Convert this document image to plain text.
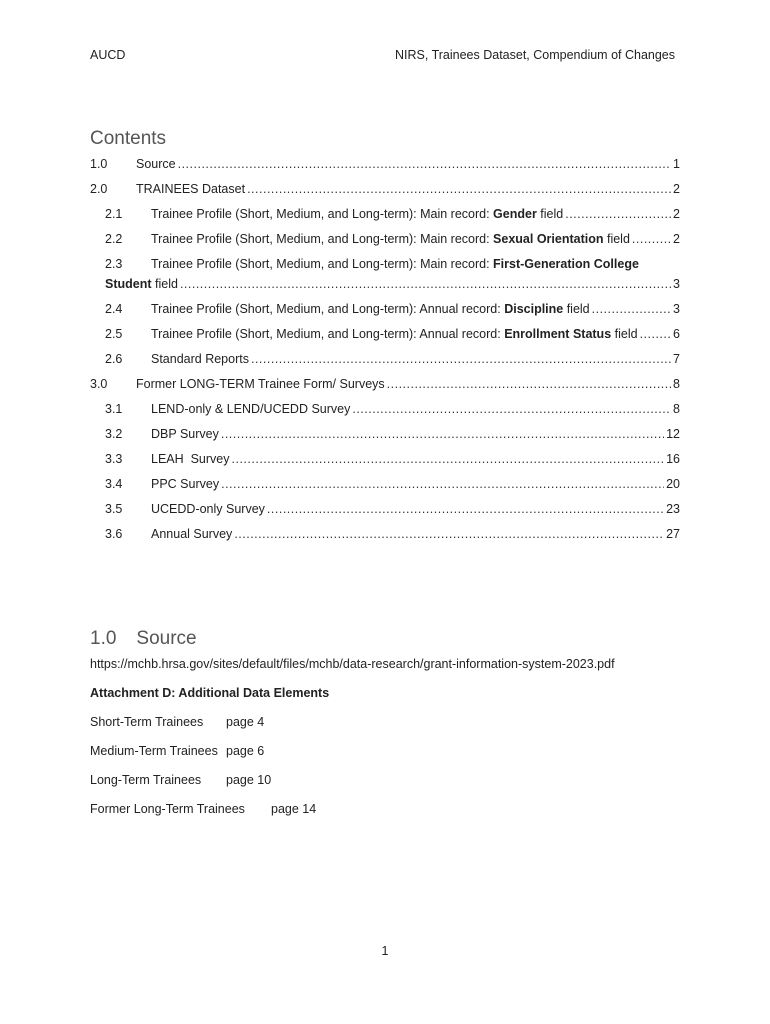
AUCD	NIRS, Trainees Dataset, Compendium of Changes
Contents
1.0	Source .....	1
2.0	TRAINEES Dataset .....	2
2.1	Trainee Profile (Short, Medium, and Long-term): Main record: Gender field .....	2
2.2	Trainee Profile (Short, Medium, and Long-term): Main record: Sexual Orientation field .....	2
2.3	Trainee Profile (Short, Medium, and Long-term): Main record: First-Generation College
Student field .....	3
2.4	Trainee Profile (Short, Medium, and Long-term): Annual record: Discipline field .....	3
2.5	Trainee Profile (Short, Medium, and Long-term): Annual record: Enrollment Status field .....	6
2.6	Standard Reports .....	7
3.0	Former LONG-TERM Trainee Form/ Surveys .....	8
3.1	LEND-only & LEND/UCEDD Survey .....	8
3.2	DBP Survey .....	12
3.3	LEAH  Survey .....	16
3.4	PPC Survey .....	20
3.5	UCEDD-only Survey .....	23
3.6	Annual Survey .....	27
1.0 Source
https://mchb.hrsa.gov/sites/default/files/mchb/data-research/grant-information-system-2023.pdf
Attachment D: Additional Data Elements
Short-Term Trainees page 4
Medium-Term Trainees page 6
Long-Term Trainees page 10
Former Long-Term Trainees page 14
1
